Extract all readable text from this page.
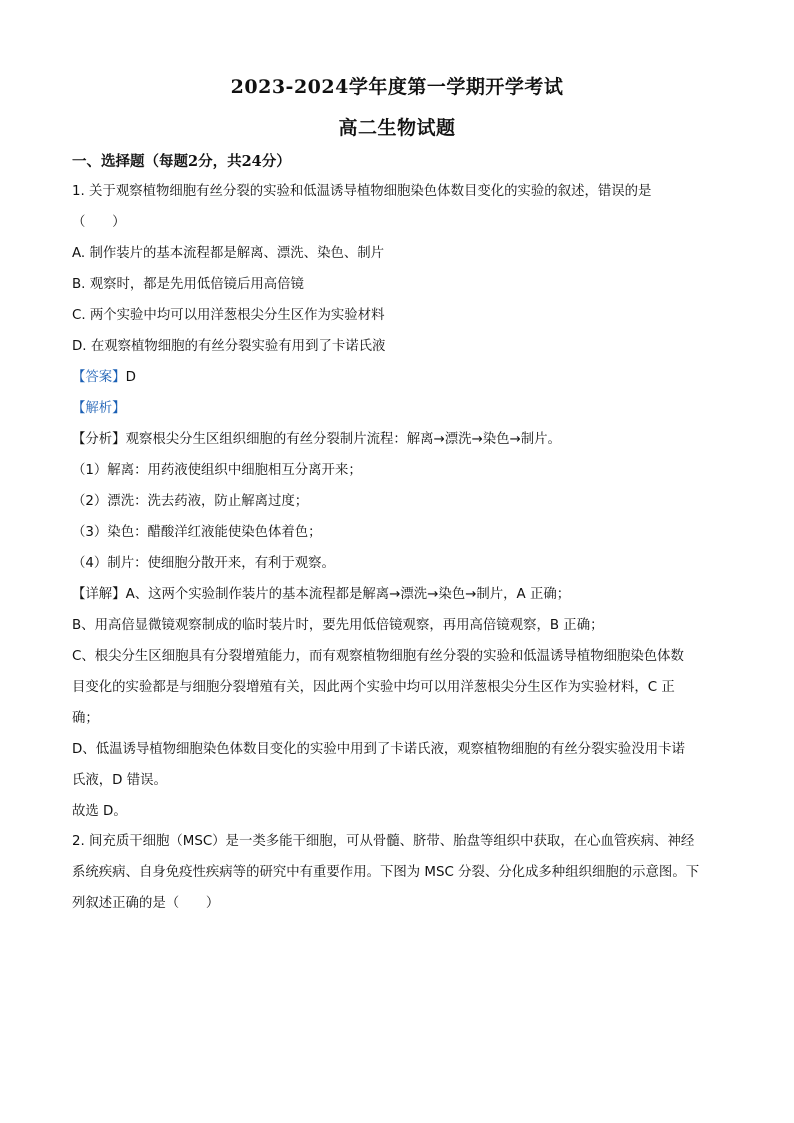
2023-2024学年度第一学期开学考试
高二生物试题
一、选择题（每题2分，共24分）
1. 关于观察植物细胞有丝分裂的实验和低温诱导植物细胞染色体数目变化的实验的叙述，错误的是
（　　）
A. 制作装片的基本流程都是解离、漂洗、染色、制片
B. 观察时，都是先用低倍镜后用高倍镜
C. 两个实验中均可以用洋葱根尖分生区作为实验材料
D. 在观察植物细胞的有丝分裂实验有用到了卡诺氏液
【答案】D
【解析】
【分析】观察根尖分生区组织细胞的有丝分裂制片流程：解离→漂洗→染色→制片。
（1）解离：用药液使组织中细胞相互分离开来；
（2）漂洗：洗去药液，防止解离过度；
（3）染色：醋酸洋红液能使染色体着色；
（4）制片：使细胞分散开来，有利于观察。
【详解】A、这两个实验制作装片的基本流程都是解离→漂洗→染色→制片，A 正确；
B、用高倍显微镜观察制成的临时装片时，要先用低倍镜观察，再用高倍镜观察，B 正确；
C、根尖分生区细胞具有分裂增殖能力，而有观察植物细胞有丝分裂的实验和低温诱导植物细胞染色体数
目变化的实验都是与细胞分裂增殖有关，因此两个实验中均可以用洋葱根尖分生区作为实验材料，C 正
确；
D、低温诱导植物细胞染色体数目变化的实验中用到了卡诺氏液，观察植物细胞的有丝分裂实验没用卡诺
氏液，D 错误。
故选 D。
2. 间充质干细胞（MSC）是一类多能干细胞，可从骨髓、脐带、胎盘等组织中获取，在心血管疾病、神经
系统疾病、自身免疫性疾病等的研究中有重要作用。下图为 MSC 分裂、分化成多种组织细胞的示意图。下
列叙述正确的是（　　）
